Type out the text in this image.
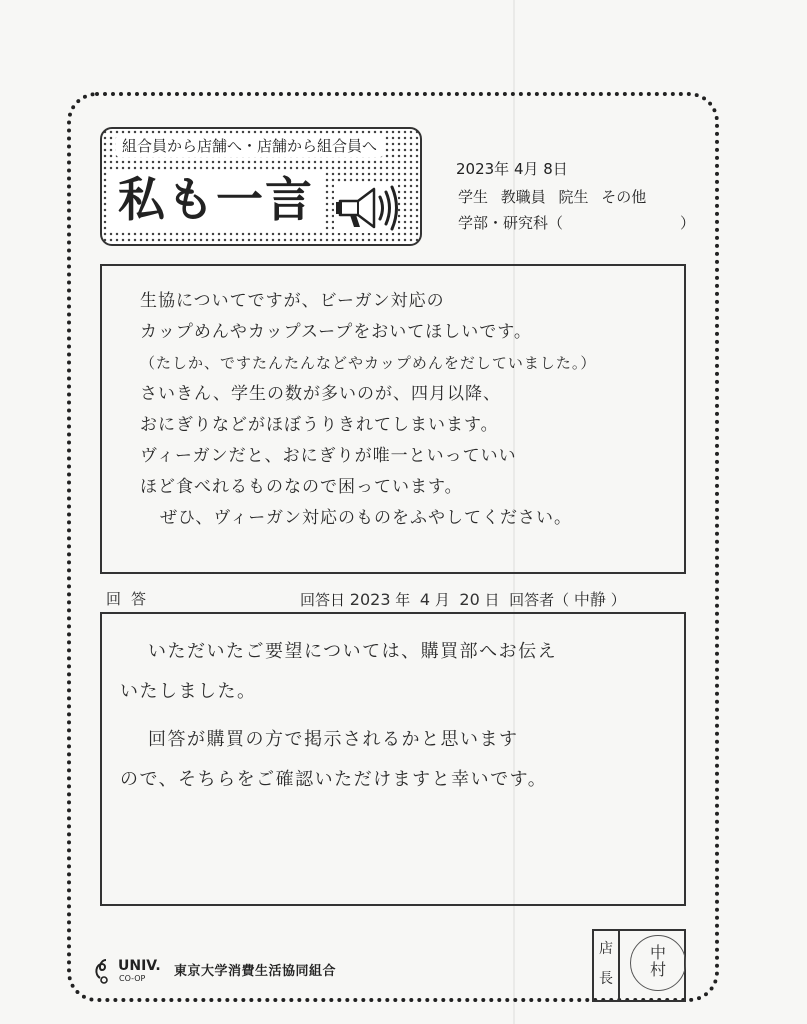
組合員から店舗へ・店舗から組合員へ
私も一言
2023年 4月 8日
学生 教職員 院生 その他
学部・研究科（	）
生協についてですが、ビーガン対応の
カップめんやカップスープをおいてほしいです。
（たしか、ですたんたんなどやカップめんをだしていました。）
さいきん、学生の数が多いのが、四月以降、
おにぎりなどがほぼうりきれてしまいます。
ヴィーガンだと、おにぎりが唯一といっていい
ほど食べれるものなので困っています。
ぜひ、ヴィーガン対応のものをふやしてください。
回答
~~~~
回答日 2023 年 4 月 20 日 回答者（ 中静 ）
いただいたご要望については、購買部へお伝え
いたしました。
回答が購買の方で掲示されるかと思います
ので、そちらをご確認いただけますと幸いです。
店
長
中
村
UNIV.
CO-OP 東京大学消費生活協同組合
